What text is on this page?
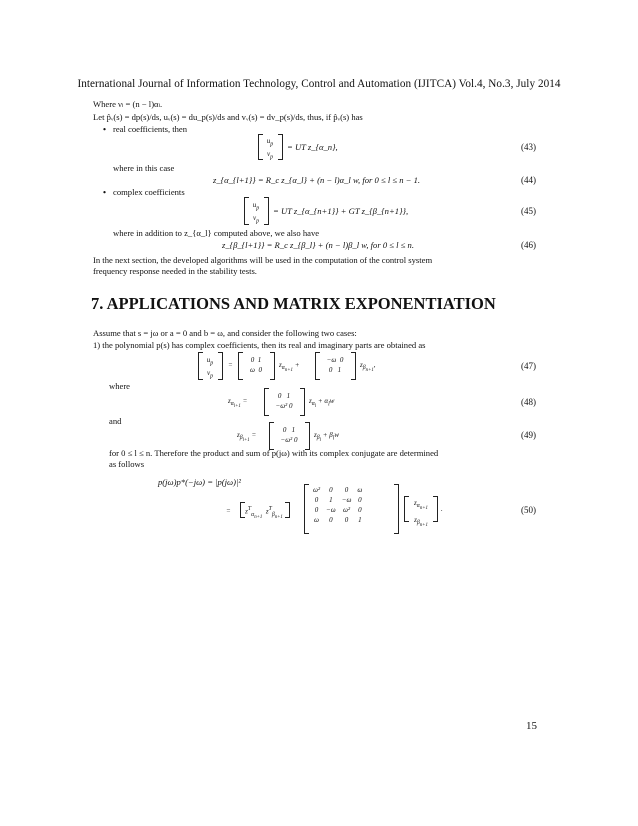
International Journal of Information Technology, Control and Automation (IJITCA) Vol.4, No.3, July 2014
Where νₗ = (n − l)αₗ.
Let p̂ᵥ(s) = dp(s)/ds, uᵥ(s) = du_p(s)/ds and vᵥ(s) = dv_p(s)/ds, thus, if p̂ᵥ(s) has
• real coefficients, then
$u_p$
$v_p$
= UT z_{α_n},	(43)
where in this case
z_{α_{l+1}} = R_c z_{α_l} + (n − l)α_l w, for 0 ≤ l ≤ n − 1.	(44)
• complex coefficients
$u_p$
$v_p$
= UT z_{α_{n+1}} + GT z_{β_{n+1}},	(45)
where in addition to z_{α_l} computed above, we also have
z_{β_{l+1}} = R_c z_{β_l} + (n − l)β_l w, for 0 ≤ l ≤ n.	(46)
In the next section, the developed algorithms will be used in the computation of the control system
frequency response needed in the stability tests.
7. APPLICATIONS AND MATRIX EXPONENTIATION
Assume that s = jω or a = 0 and b = ω, and consider the following two cases:
1) the polynomial p(s) has complex coefficients, then its real and imaginary parts are obtained as
$u_p$
$v_p$
=
0  1
ω  0
$z_{\alpha_{n+1}}$ +
−ω  0
0   1
$z_{\beta_{n+1}}$,	(47)
where
$z_{\alpha_{l+1}}$ =
0   1
−ω² 0
$z_{\alpha_l} + \alpha_lw$	(48)
and
$z_{\beta_{l+1}}$ =
0   1
−ω² 0
$z_{\beta_l} + \beta_lw$	(49)
for 0 ≤ l ≤ n. Therefore the product and sum of p(jω) with its complex conjugate are determined
as follows
p(jω)p*(−jω) = |p(jω)|²
= $z^T_{\alpha_{n+1}}$  $z^T_{\beta_{n+1}}$
ω²	0	0	ω
0	1	−ω	0
0	−ω	ω²	0
ω	0	0	1
$z_{\alpha_{n+1}}$
$z_{\beta_{n+1}}$
.	(50)
15
